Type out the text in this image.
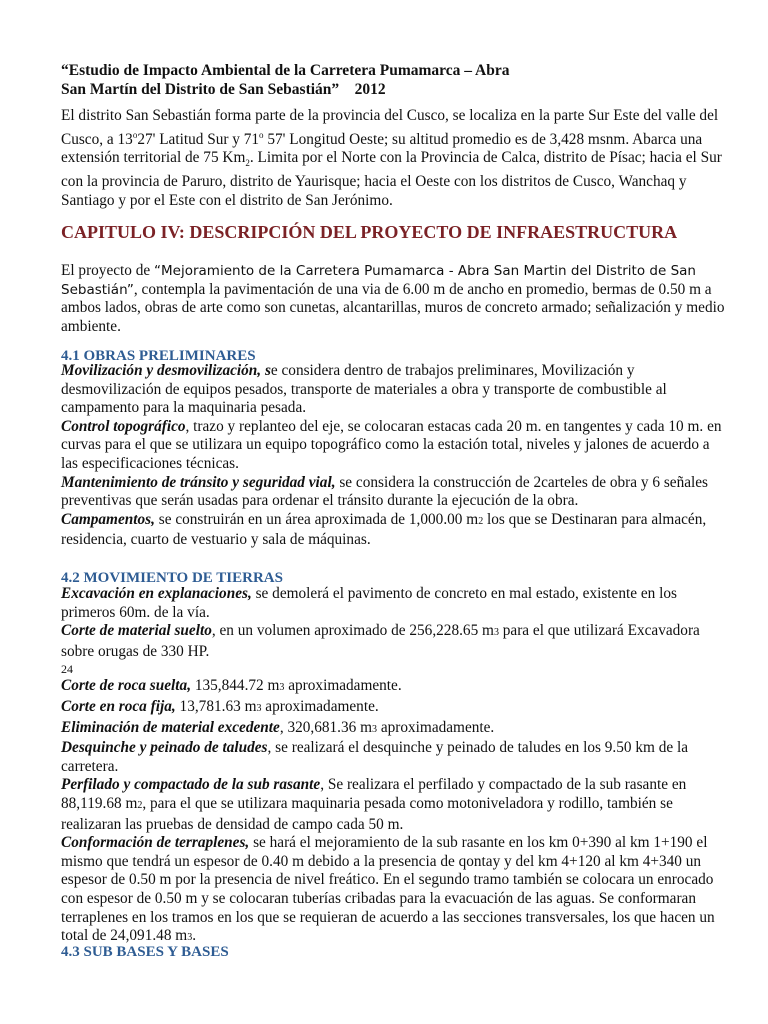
“Estudio de Impacto Ambiental de la Carretera Pumamarca – Abra

San Martín del Distrito de San Sebastián” 2012

El distrito San Sebastián forma parte de la provincia del Cusco, se localiza en la parte Sur Este del valle del Cusco, a 13$^o$27' Latitud Sur y 71$^o$ 57' Longitud Oeste; su altitud promedio es de 3,428 msnm. Abarca una extensión territorial de 75 $Km_2$. Limita por el Norte con la Provincia de Calca, distrito de Písac; hacia el Sur con la provincia de Paruro, distrito de Yaurisque; hacia el Oeste con los distritos de Cusco, Wanchaq y Santiago y por el Este con el distrito de San Jerónimo.

CAPITULO IV: DESCRIPCIÓN DEL PROYECTO DE INFRAESTRUCTURA

El proyecto de “Mejoramiento de la Carretera Pumamarca - Abra San Martin del Distrito de San Sebastián”, contempla la pavimentación de una via de 6.00 m de ancho en promedio, bermas de 0.50 m a ambos lados, obras de arte como son cunetas, alcantarillas, muros de concreto armado; señalización y medio ambiente.

4.1 OBRAS PRELIMINARES

Movilización y desmovilización, se considera dentro de trabajos preliminares, Movilización y desmovilización de equipos pesados, transporte de materiales a obra y transporte de combustible al campamento para la maquinaria pesada.

Control topográfico, trazo y replanteo del eje, se colocaran estacas cada 20 m. en tangentes y cada 10 m. en curvas para el que se utilizara un equipo topográfico como la estación total, niveles y jalones de acuerdo a las especificaciones técnicas.

Mantenimiento de tránsito y seguridad vial, se considera la construcción de 2carteles de obra y 6 señales preventivas que serán usadas para ordenar el tránsito durante la ejecución de la obra.

Campamentos, se construirán en un área aproximada de 1,000.00 m2 los que se Destinaran para almacén, residencia, cuarto de vestuario y sala de máquinas.

4.2 MOVIMIENTO DE TIERRAS

Excavación en explanaciones, se demolerá el pavimento de concreto en mal estado, existente en los primeros 60m. de la vía.

Corte de material suelto, en un volumen aproximado de 256,228.65 m3 para el que utilizará Excavadora sobre orugas de 330 HP.

24

Corte de roca suelta, 135,844.72 m3 aproximadamente.

Corte en roca fija, 13,781.63 m3 aproximadamente.

Eliminación de material excedente, 320,681.36 m3 aproximadamente.

Desquinche y peinado de taludes, se realizará el desquinche y peinado de taludes en los 9.50 km de la carretera.

Perfilado y compactado de la sub rasante, Se realizara el perfilado y compactado de la sub rasante en 88,119.68 m2, para el que se utilizara maquinaria pesada como motoniveladora y rodillo, también se realizaran las pruebas de densidad de campo cada 50 m.

Conformación de terraplenes, se hará el mejoramiento de la sub rasante en los km 0+390 al km 1+190 el mismo que tendrá un espesor de 0.40 m debido a la presencia de qontay y del km 4+120 al km 4+340 un espesor de 0.50 m por la presencia de nivel freático. En el segundo tramo también se colocara un enrocado con espesor de 0.50 m y se colocaran tuberías cribadas para la evacuación de las aguas. Se conformaran terraplenes en los tramos en los que se requieran de acuerdo a las secciones transversales, los que hacen un total de 24,091.48 m3.

4.3 SUB BASES Y BASES
